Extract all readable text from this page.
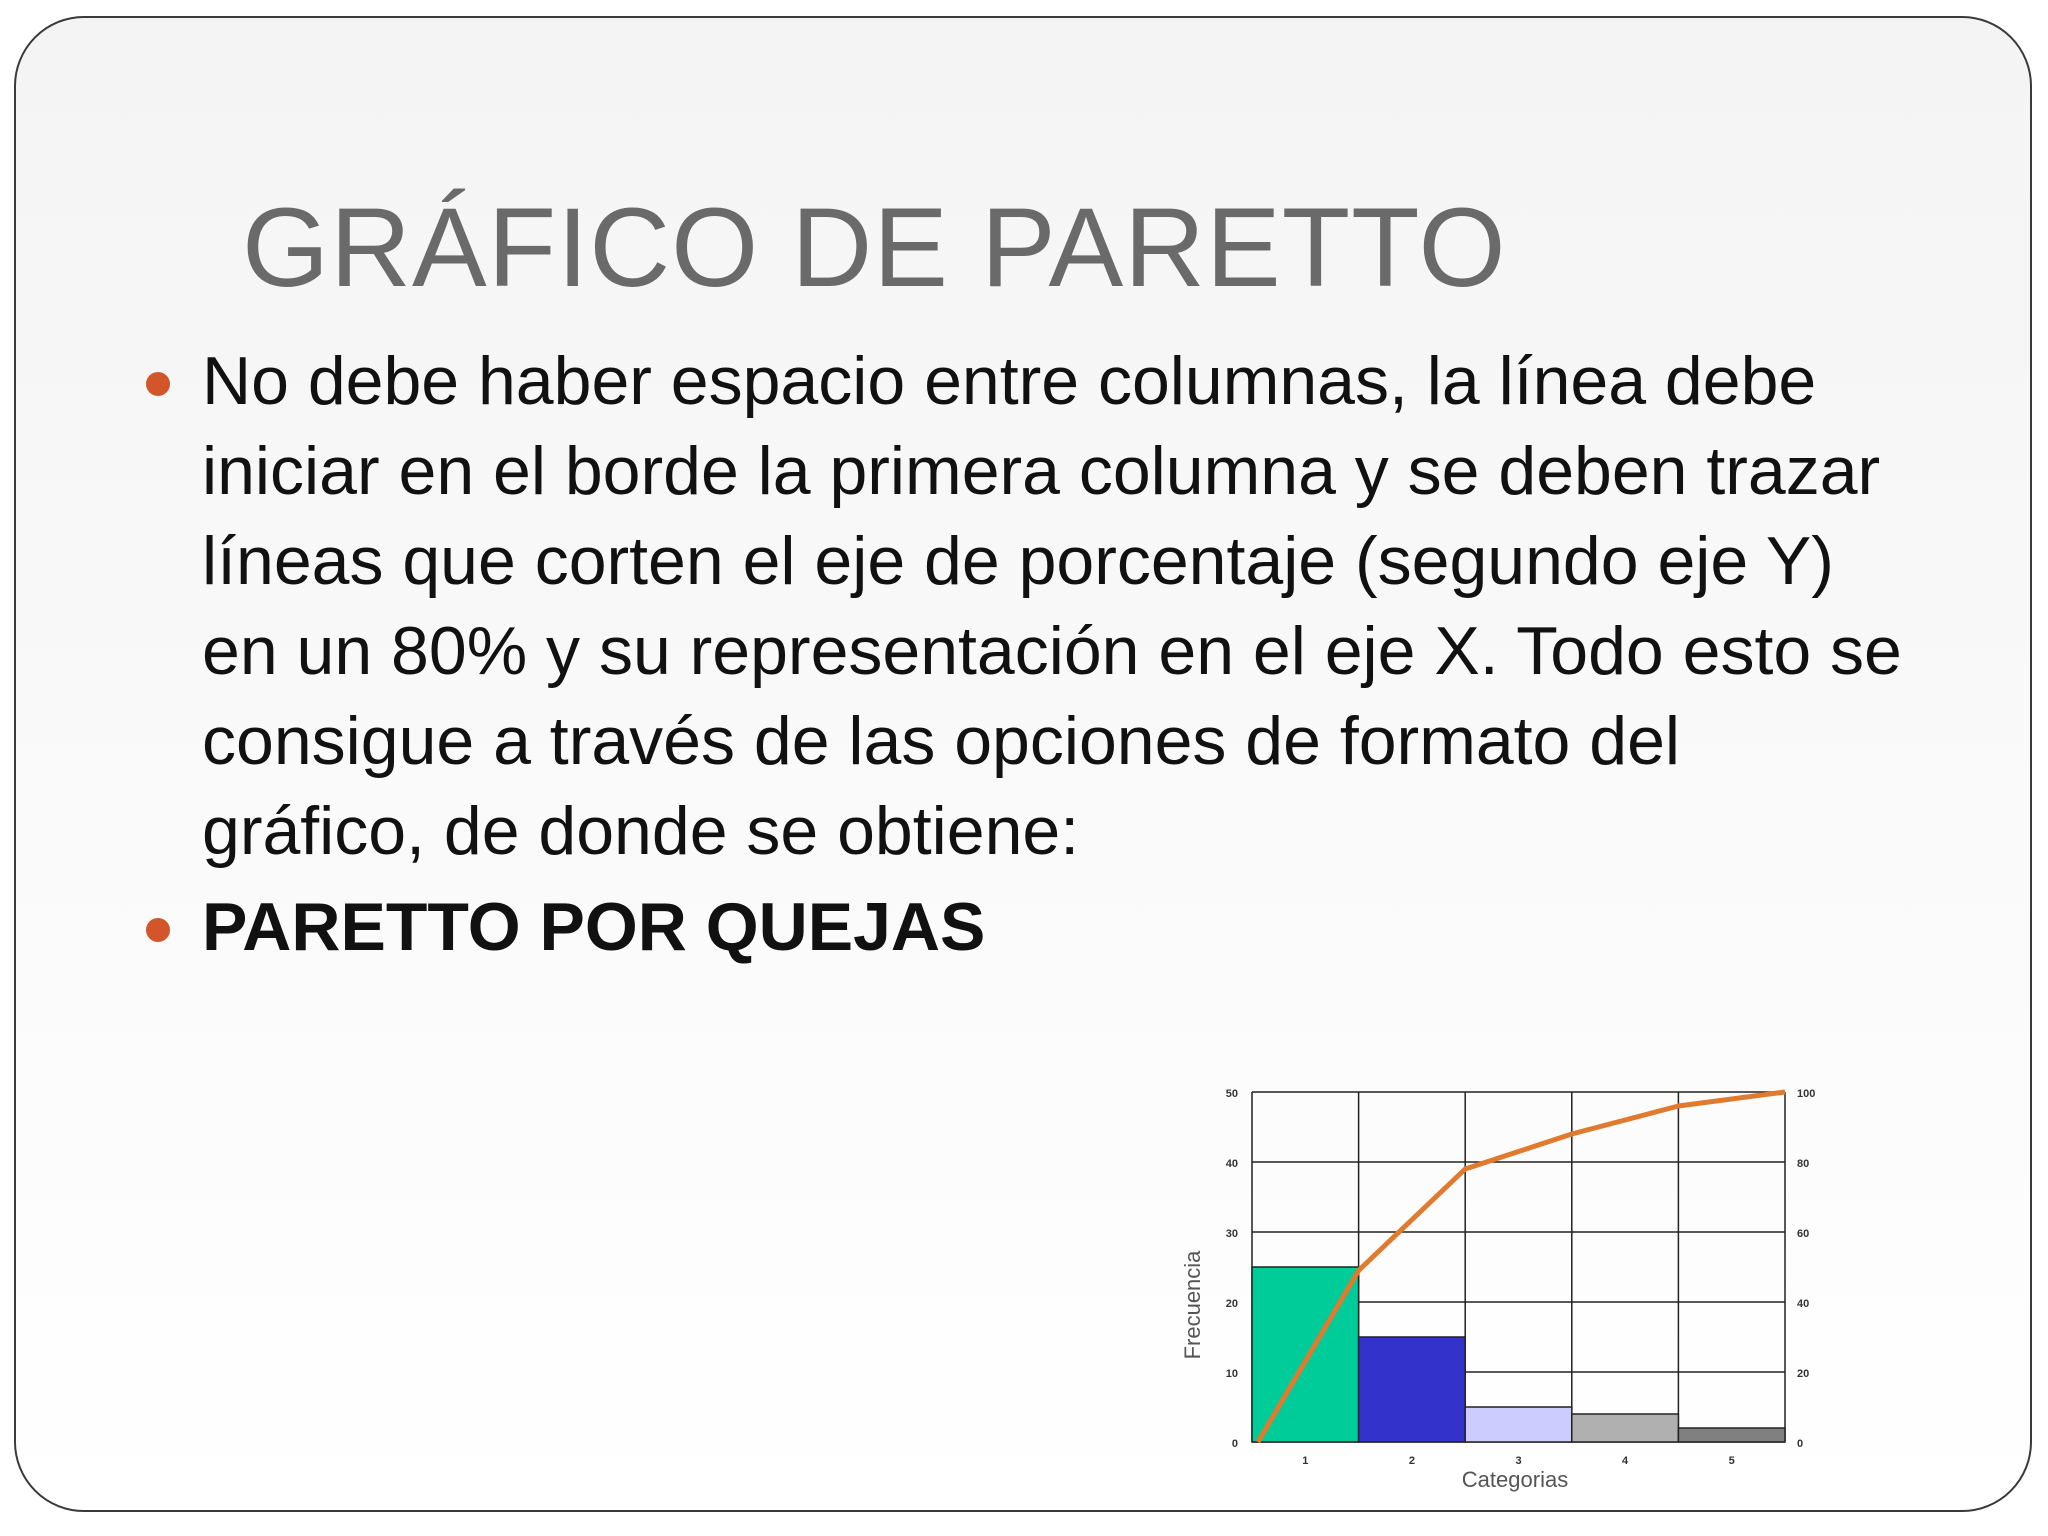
GRÁFICO DE PARETTO
No debe haber espacio entre columnas, la línea debe iniciar en el borde la primera columna y se deben trazar líneas que corten el eje de porcentaje (segundo eje Y) en un 80% y su representación en el eje X. Todo esto se consigue a través de las opciones de formato del gráfico, de donde se obtiene:
PARETTO POR QUEJAS
0
10
20
30
40
50
0
20
40
60
80
100
1	2	3	4	5
Categorias
Frecuencia
